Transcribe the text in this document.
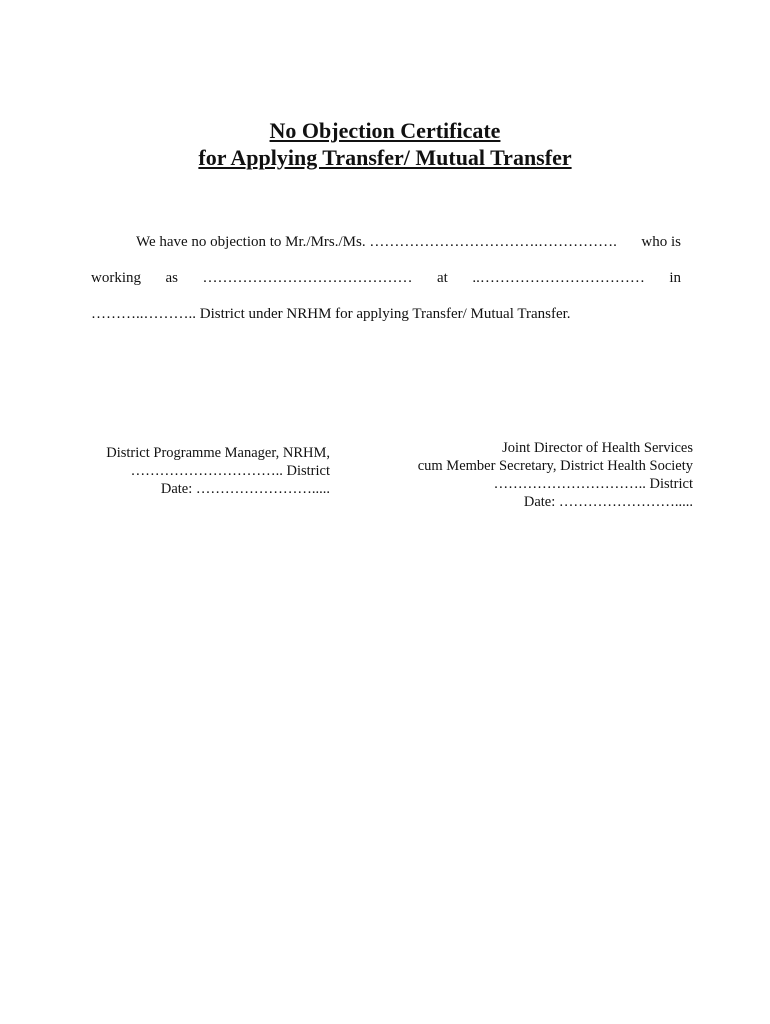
No Objection Certificate
for Applying Transfer/ Mutual Transfer
We have no objection to Mr./Mrs./Ms. …………………………….……………. who is
working as …………………………………… at ..…………………………… in
………..……….. District under NRHM for applying Transfer/ Mutual Transfer.
District Programme Manager, NRHM,
………………………….. District
Date: …………………….....
Joint Director of Health Services
cum Member Secretary, District Health Society
………………………….. District
Date: …………………….....
